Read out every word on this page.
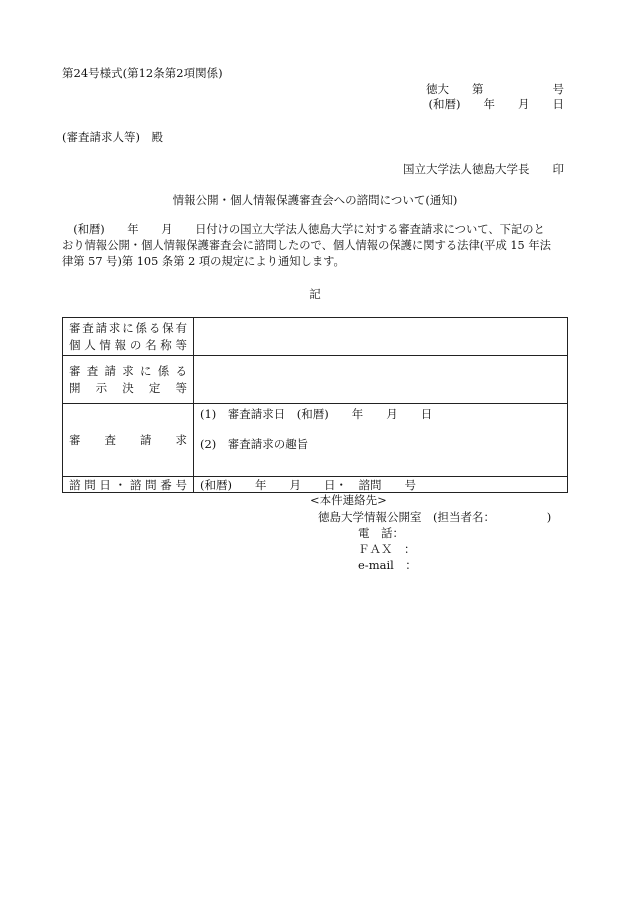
第24号様式(第12条第2項関係)
徳大　　第　　　　　　号
(和暦)　　年　　月　　日
(審査請求人等)　殿
国立大学法人徳島大学長　　印
情報公開・個人情報保護審査会への諮問について(通知)
　(和暦)　　年　　月　　日付けの国立大学法人徳島大学に対する審査請求について、下記のと
おり情報公開・個人情報保護審査会に諮問したので、個人情報の保護に関する法律(平成 15 年法
律第 57 号)第 105 条第 2 項の規定により通知します。
記
審査請求に係る保有
個人情報の名称等	

審査請求に係る
開示決定等	

審査請求	(1)　審査請求日　(和暦)　　年　　月　　日
(2)　審査請求の趣旨

諮問日・諮問番号	(和暦)　　年　　月　　日・　諮問　　号
<本件連絡先>
徳島大学情報公開室　(担当者名：　　　　　)
電　話：
ＦＡＸ　：
e-mail　：
